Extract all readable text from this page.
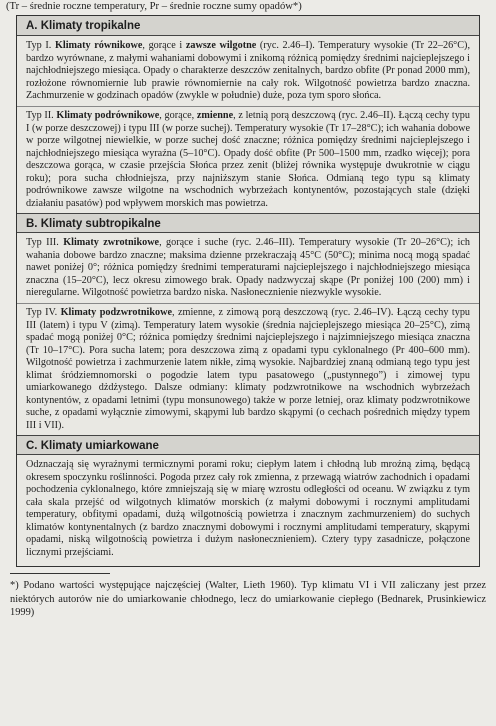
(Tr – średnie roczne temperatury, Pr – średnie roczne sumy opadów*)
A. Klimaty tropikalne

Typ I. Klimaty równikowe, gorące i zawsze wilgotne (ryc. 2.46–I). Temperatury wysokie (Tr 22–26°C), bardzo wyrównane, z małymi wahaniami dobowymi i znikomą różnicą pomiędzy średnimi najcieplejszego i najchłodniejszego miesiąca. Opady o charakterze deszczów zenitalnych, bardzo obfite (Pr ponad 2000 mm), rozłożone równomiernie lub prawie równomiernie na cały rok. Wilgotność powietrza bardzo znaczna. Zachmurzenie w godzinach opadów (zwykle w południe) duże, poza tym sporo słońca.

Typ II. Klimaty podrównikowe, gorące, zmienne, z letnią porą deszczową (ryc. 2.46–II). Łączą cechy typu I (w porze deszczowej) i typu III (w porze suchej). Temperatury wysokie (Tr 17–28°C); ich wahania dobowe w porze wilgotnej niewielkie, w porze suchej dość znaczne; różnica pomiędzy średnimi najcieplejszego i najchłodniejszego miesiąca wyraźna (5–10°C). Opady dość obfite (Pr 500–1500 mm, rzadko więcej); pora deszczowa gorąca, w czasie przejścia Słońca przez zenit (bliżej równika występuje dwukrotnie w ciągu roku); pora sucha chłodniejsza, przy najniższym stanie Słońca. Odmianą tego typu są klimaty podrównikowe zawsze wilgotne na wschodnich wybrzeżach kontynentów, pozostających stale (dzięki działaniu pasatów) pod wpływem morskich mas powietrza.

B. Klimaty subtropikalne

Typ III. Klimaty zwrotnikowe, gorące i suche (ryc. 2.46–III). Temperatury wysokie (Tr 20–26°C); ich wahania dobowe bardzo znaczne; maksima dzienne przekraczają 45°C (50°C); minima nocą mogą spadać nawet poniżej 0°; różnica pomiędzy średnimi temperaturami najcieplejszego i najchłodniejszego miesiąca znaczna (15–20°C), lecz okresu zimowego brak. Opady nadzwyczaj skąpe (Pr poniżej 100 (200) mm) i nieregularne. Wilgotność powietrza bardzo niska. Nasłonecznienie niezwykle wysokie.

Typ IV. Klimaty podzwrotnikowe, zmienne, z zimową porą deszczową (ryc. 2.46–IV). Łączą cechy typu III (latem) i typu V (zimą). Temperatury latem wysokie (średnia najcieplejszego miesiąca 20–25°C), zimą spadać mogą poniżej 0°C; różnica pomiędzy średnimi najcieplejszego i najzimniejszego miesiąca znaczna (Tr 10–17°C). Pora sucha latem; pora deszczowa zimą z opadami typu cyklonalnego (Pr 400–600 mm). Wilgotność powietrza i zachmurzenie latem nikłe, zimą wysokie. Najbardziej znaną odmianą tego typu jest klimat śródziemnomorski o pogodzie latem typu pasatowego („pustynnego”) i zimowej typu umiarkowanego dżdżystego. Dalsze odmiany: klimaty podzwrotnikowe na wschodnich wybrzeżach kontynentów, z opadami letnimi (typu monsunowego) także w porze letniej, oraz klimaty podzwrotnikowe suche, z opadami wyłącznie zimowymi, skąpymi lub bardzo skąpymi (o cechach pośrednich między typem III i VII).

C. Klimaty umiarkowane

Odznaczają się wyraźnymi termicznymi porami roku; ciepłym latem i chłodną lub mroźną zimą, będącą okresem spoczynku roślinności. Pogoda przez cały rok zmienna, z przewagą wiatrów zachodnich i opadami pochodzenia cyklonalnego, które zmniejszają się w miarę wzrostu odległości od oceanu. W związku z tym cała skala przejść od wilgotnych klimatów morskich (z małymi dobowymi i rocznymi amplitudami temperatury, obfitymi opadami, dużą wilgotnością powietrza i znacznym zachmurzeniem) do suchych klimatów kontynentalnych (z bardzo znacznymi dobowymi i rocznymi amplitudami temperatury, skąpymi opadami, niską wilgotnością powietrza i dużym nasłonecznieniem). Cztery typy zasadnicze, połączone licznymi przejściami.

*) Podano wartości występujące najczęściej (Walter, Lieth 1960). Typ klimatu VI i VII zaliczany jest przez niektórych autorów nie do umiarkowanie chłodnego, lecz do umiarkowanie ciepłego (Bednarek, Prusinkiewicz 1999)
